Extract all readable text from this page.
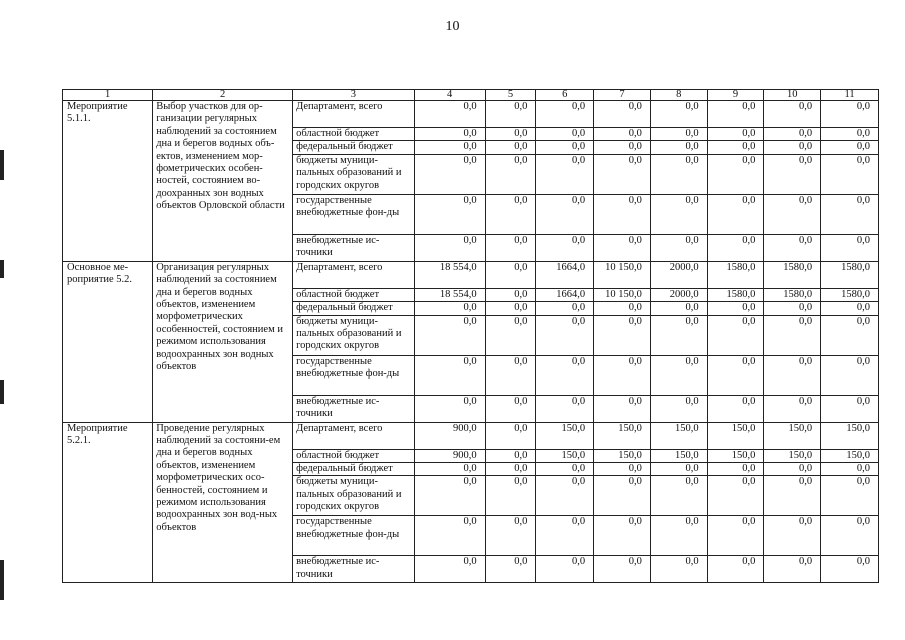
10
1	2	3	4	5	6	7	8	9	10	11
Мероприятие 5.1.1.	Выбор участков для ор-ганизации регулярных наблюдений за состоянием дна и берегов водных объ-ектов, изменением мор-фометрических особен-ностей, состоянием во-доохранных зон водных объектов Орловской области	Департамент, всего	0,0	0,0	0,0	0,0	0,0	0,0	0,0	0,0
		областной бюджет	0,0	0,0	0,0	0,0	0,0	0,0	0,0	0,0
		федеральный бюджет	0,0	0,0	0,0	0,0	0,0	0,0	0,0	0,0
		бюджеты муници-пальных образований и городских округов	0,0	0,0	0,0	0,0	0,0	0,0	0,0	0,0
		государственные внебюджетные фон-ды	0,0	0,0	0,0	0,0	0,0	0,0	0,0	0,0
		внебюджетные ис-точники	0,0	0,0	0,0	0,0	0,0	0,0	0,0	0,0
Основное ме-роприятие 5.2.	Организация регулярных наблюдений за состоянием дна и берегов водных объектов, изменением морфометрических особенностей, состоянием и режимом использования водоохранных зон водных объектов	Департамент, всего	18 554,0	0,0	1664,0	10 150,0	2000,0	1580,0	1580,0	1580,0
		областной бюджет	18 554,0	0,0	1664,0	10 150,0	2000,0	1580,0	1580,0	1580,0
		федеральный бюджет	0,0	0,0	0,0	0,0	0,0	0,0	0,0	0,0
		бюджеты муници-пальных образований и городских округов	0,0	0,0	0,0	0,0	0,0	0,0	0,0	0,0
		государственные внебюджетные фон-ды	0,0	0,0	0,0	0,0	0,0	0,0	0,0	0,0
		внебюджетные ис-точники	0,0	0,0	0,0	0,0	0,0	0,0	0,0	0,0
Мероприятие 5.2.1.	Проведение регулярных наблюдений за состояни-ем дна и берегов водных объектов, изменением морфометрических осо-бенностей, состоянием и режимом использования водоохранных зон вод-ных объектов	Департамент, всего	900,0	0,0	150,0	150,0	150,0	150,0	150,0	150,0
		областной бюджет	900,0	0,0	150,0	150,0	150,0	150,0	150,0	150,0
		федеральный бюджет	0,0	0,0	0,0	0,0	0,0	0,0	0,0	0,0
		бюджеты муници-пальных образований и городских округов	0,0	0,0	0,0	0,0	0,0	0,0	0,0	0,0
		государственные внебюджетные фон-ды	0,0	0,0	0,0	0,0	0,0	0,0	0,0	0,0
		внебюджетные ис-точники	0,0	0,0	0,0	0,0	0,0	0,0	0,0	0,0
